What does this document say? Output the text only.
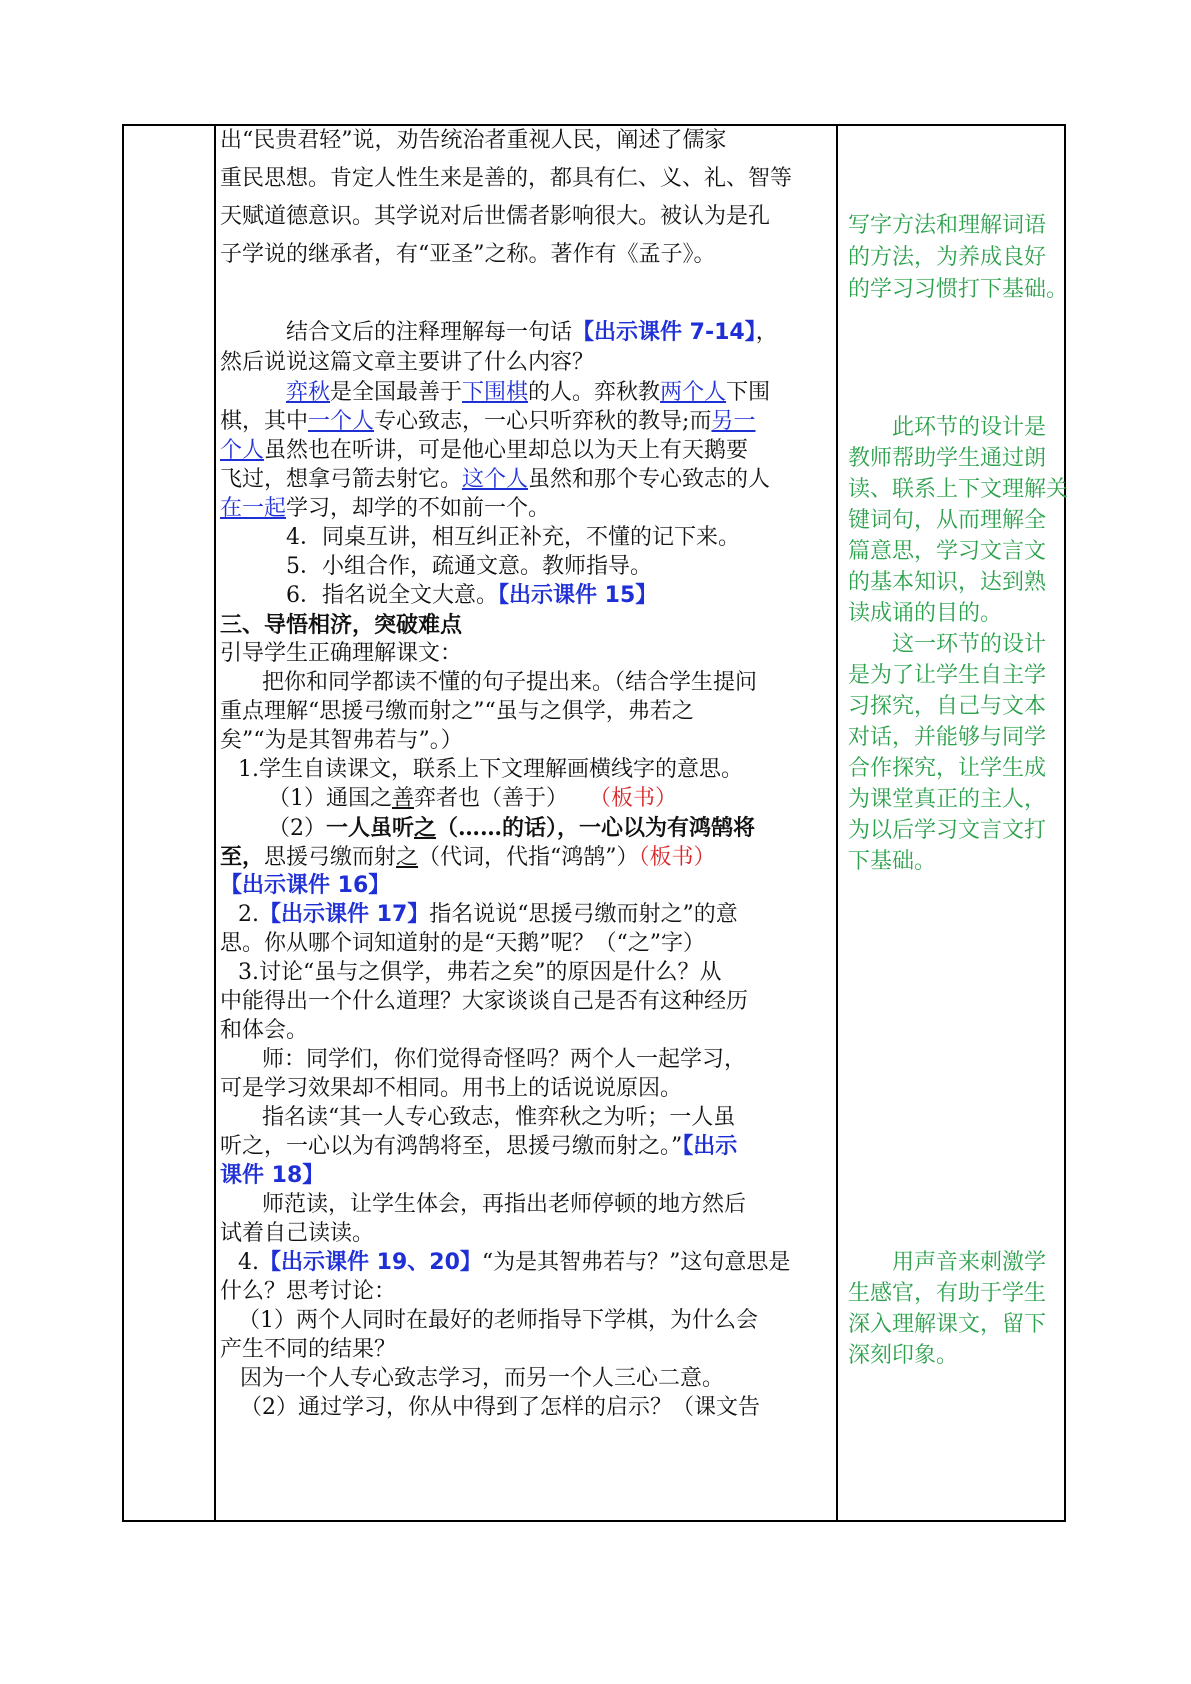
出“民贵君轻”说，劝告统治者重视人民，阐述了儒家
重民思想。肯定人性生来是善的，都具有仁、义、礼、智等
天赋道德意识。其学说对后世儒者影响很大。被认为是孔
子学说的继承者，有“亚圣”之称。著作有《孟子》。
结合文后的注释理解每一句话【出示课件 7-14】，
然后说说这篇文章主要讲了什么内容？
弈秋是全国最善于下围棋的人。弈秋教两个人下围
棋，其中一个人专心致志，一心只听弈秋的教导;而另一
个人虽然也在听讲，可是他心里却总以为天上有天鹅要
飞过，想拿弓箭去射它。这个人虽然和那个专心致志的人
在一起学习，却学的不如前一个。
4．同桌互讲，相互纠正补充，不懂的记下来。
5．小组合作，疏通文意。教师指导。
6．指名说全文大意。【出示课件 15】
三、导悟相济，突破难点
引导学生正确理解课文：
把你和同学都读不懂的句子提出来。（结合学生提问
重点理解“思援弓缴而射之”“虽与之俱学，弗若之
矣”“为是其智弗若与”。）
1.学生自读课文，联系上下文理解画横线字的意思。
（1）通国之善弈者也（善于） （板书）
（2）一人虽听之（……的话），一心以为有鸿鹄将
至，思援弓缴而射之（代词，代指“鸿鹄”）（板书）
【出示课件 16】
2.【出示课件 17】指名说说“思援弓缴而射之”的意
思。你从哪个词知道射的是“天鹅”呢？（“之”字）
3.讨论“虽与之俱学，弗若之矣”的原因是什么？从
中能得出一个什么道理？大家谈谈自己是否有这种经历
和体会。
师：同学们，你们觉得奇怪吗？两个人一起学习，
可是学习效果却不相同。用书上的话说说原因。
指名读“其一人专心致志，惟弈秋之为听；一人虽
听之，一心以为有鸿鹄将至，思援弓缴而射之。”【出示
课件 18】
师范读，让学生体会，再指出老师停顿的地方然后
试着自己读读。
4.【出示课件 19、20】“为是其智弗若与？”这句意思是
什么？思考讨论：
（1）两个人同时在最好的老师指导下学棋，为什么会
产生不同的结果？
因为一个人专心致志学习，而另一个人三心二意。
（2）通过学习，你从中得到了怎样的启示？（课文告
写字方法和理解词语
的方法，为养成良好
的学习习惯打下基础。
此环节的设计是
教师帮助学生通过朗
读、联系上下文理解关
键词句，从而理解全
篇意思，学习文言文
的基本知识，达到熟
读成诵的目的。
这一环节的设计
是为了让学生自主学
习探究，自己与文本
对话，并能够与同学
合作探究，让学生成
为课堂真正的主人，
为以后学习文言文打
下基础。
用声音来刺激学
生感官，有助于学生
深入理解课文，留下
深刻印象。
